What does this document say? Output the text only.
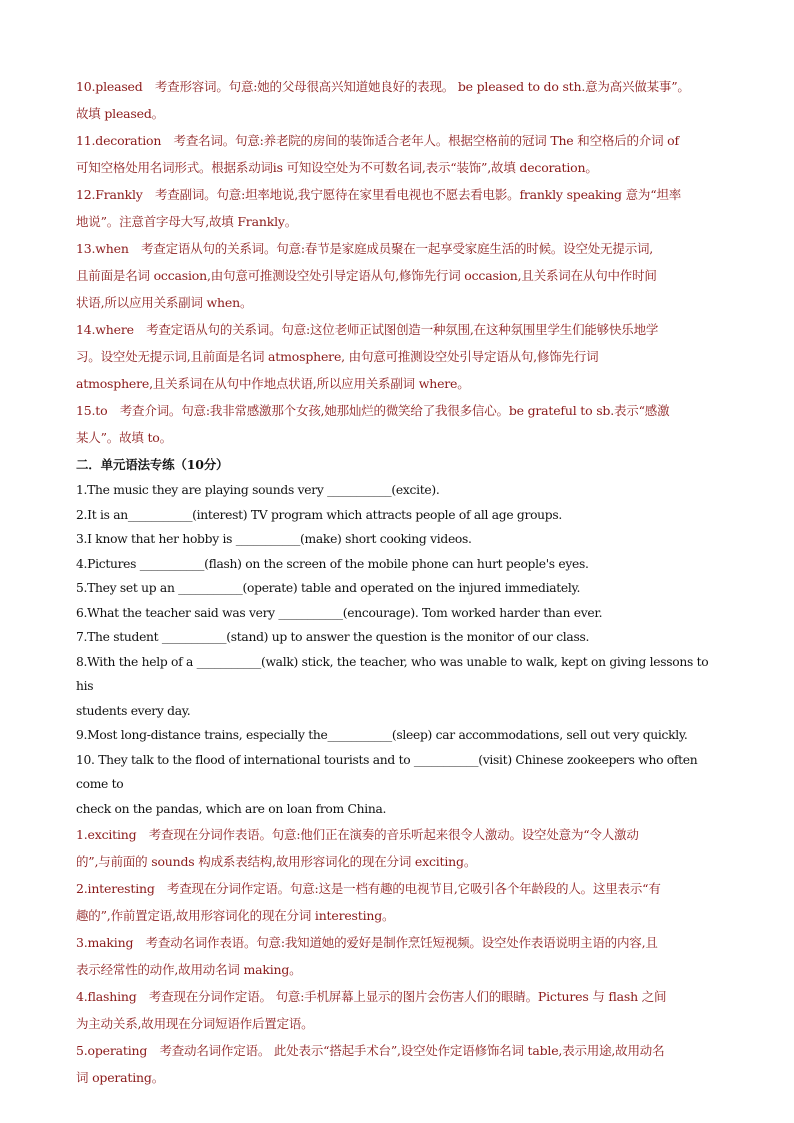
10.pleased　考查形容词。句意:她的父母很高兴知道她良好的表现。 be pleased to do sth.意为高兴做某事”。
故填 pleased。
11.decoration　考查名词。句意:养老院的房间的装饰适合老年人。根据空格前的冠词 The 和空格后的介词 of
可知空格处用名词形式。根据系动词is 可知设空处为不可数名词,表示“装饰”,故填 decoration。
12.Frankly　考查副词。句意:坦率地说,我宁愿待在家里看电视也不愿去看电影。frankly speaking 意为“坦率
地说”。注意首字母大写,故填 Frankly。
13.when　考查定语从句的关系词。句意:春节是家庭成员聚在一起享受家庭生活的时候。设空处无提示词,
且前面是名词 occasion,由句意可推测设空处引导定语从句,修饰先行词 occasion,且关系词在从句中作时间
状语,所以应用关系副词 when。
14.where　考查定语从句的关系词。句意:这位老师正试图创造一种氛围,在这种氛围里学生们能够快乐地学
习。设空处无提示词,且前面是名词 atmosphere, 由句意可推测设空处引导定语从句,修饰先行词
atmosphere,且关系词在从句中作地点状语,所以应用关系副词 where。
15.to　考查介词。句意:我非常感激那个女孩,她那灿烂的微笑给了我很多信心。be grateful to sb.表示“感激
某人”。故填 to。

二．单元语法专练（10分）

1.The music they are playing sounds very ___________(excite).
2.It is an___________(interest) TV program which attracts people of all age groups.
3.I know that her hobby is ___________(make) short cooking videos.
4.Pictures ___________(flash) on the screen of the mobile phone can hurt people's eyes.
5.They set up an ___________(operate) table and operated on the injured immediately.
6.What the teacher said was very ___________(encourage). Tom worked harder than ever.
7.The student ___________(stand) up to answer the question is the monitor of our class.
8.With the help of a ___________(walk) stick, the teacher, who was unable to walk, kept on giving lessons to his
students every day.
9.Most long-distance trains, especially the___________(sleep) car accommodations, sell out very quickly.
10. They talk to the flood of international tourists and to ___________(visit) Chinese zookeepers who often come to
check on the pandas, which are on loan from China.
1.exciting　考查现在分词作表语。句意:他们正在演奏的音乐听起来很令人激动。设空处意为“令人激动
的”,与前面的 sounds 构成系表结构,故用形容词化的现在分词 exciting。
2.interesting　考查现在分词作定语。句意:这是一档有趣的电视节目,它吸引各个年龄段的人。这里表示“有
趣的”,作前置定语,故用形容词化的现在分词 interesting。
3.making　考查动名词作表语。句意:我知道她的爱好是制作烹饪短视频。设空处作表语说明主语的内容,且
表示经常性的动作,故用动名词 making。
4.flashing　考查现在分词作定语。 句意:手机屏幕上显示的图片会伤害人们的眼睛。Pictures 与 flash 之间
为主动关系,故用现在分词短语作后置定语。
5.operating　考查动名词作定语。 此处表示“搭起手术台”,设空处作定语修饰名词 table,表示用途,故用动名
词 operating。
